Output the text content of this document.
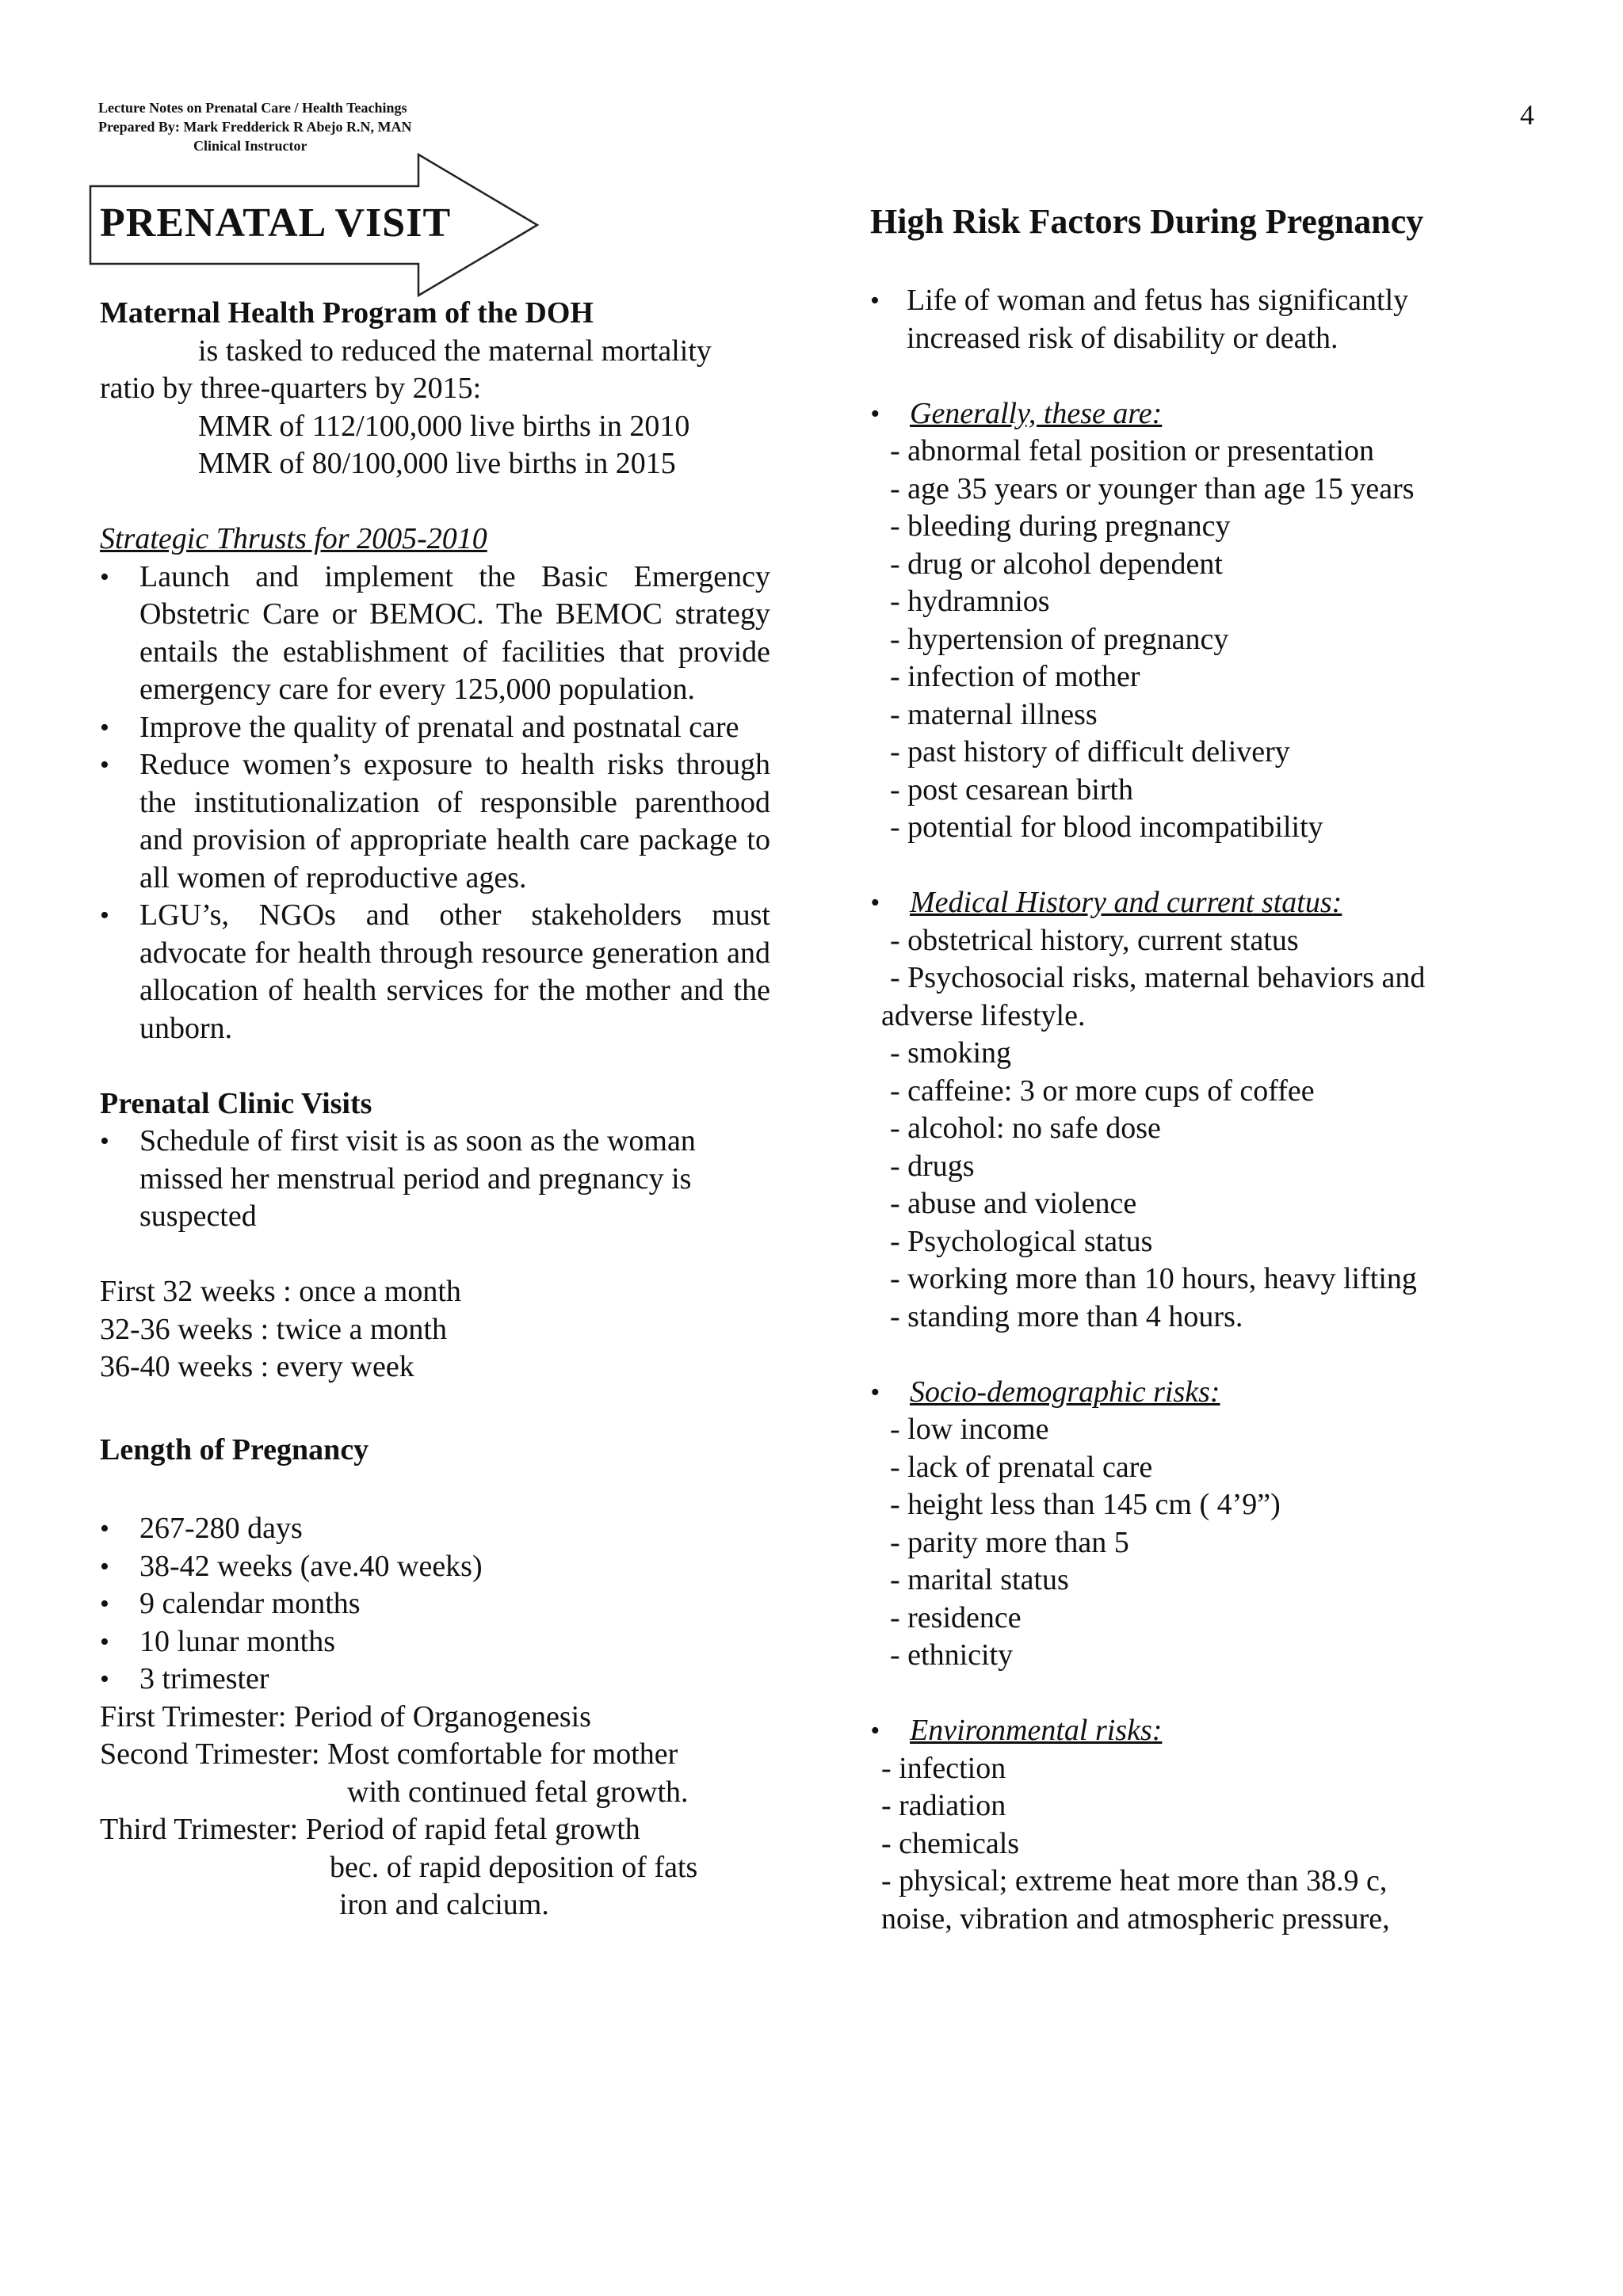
Lecture Notes on Prenatal Care / Health Teachings
Prepared By: Mark Fredderick R Abejo R.N, MAN
Clinical Instructor
4
PRENATAL VISIT
Maternal Health Program of the DOH
is tasked to reduced the maternal mortality
ratio by three-quarters by 2015:
MMR of 112/100,000 live births in 2010
MMR of 80/100,000 live births in 2015
Strategic Thrusts for 2005-2010
• Launch and implement the Basic Emergency Obstetric Care or BEMOC. The BEMOC strategy entails the establishment of facilities that provide emergency care for every 125,000 population.
• Improve the quality of prenatal and postnatal care
• Reduce women’s exposure to health risks through the institutionalization of responsible parenthood and provision of appropriate health care package to all women of reproductive ages.
• LGU’s, NGOs and other stakeholders must advocate for health through resource generation and allocation of health services for the mother and the unborn.
Prenatal Clinic Visits
• Schedule of first visit is as soon as the woman missed her menstrual period and pregnancy is suspected
First 32 weeks : once a month
32-36 weeks : twice a month
36-40 weeks : every week
Length of Pregnancy
• 267-280 days
• 38-42 weeks (ave.40 weeks)
• 9 calendar months
• 10 lunar months
• 3 trimester
First Trimester: Period of Organogenesis
Second Trimester: Most comfortable for mother
with continued fetal growth.
Third Trimester: Period of rapid fetal growth
bec. of rapid deposition of fats
iron and calcium.
High Risk Factors During Pregnancy
• Life of woman and fetus has significantly increased risk of disability or death.
• Generally, these are:
- abnormal fetal position or presentation
- age 35 years or younger than age 15 years
- bleeding during pregnancy
- drug or alcohol dependent
- hydramnios
- hypertension of pregnancy
- infection of mother
- maternal illness
- past history of difficult delivery
- post cesarean birth
- potential for blood incompatibility
• Medical History and current status:
- obstetrical history, current status
- Psychosocial risks, maternal behaviors and
adverse lifestyle.
- smoking
- caffeine: 3 or more cups of coffee
- alcohol: no safe dose
- drugs
- abuse and violence
- Psychological status
- working more than 10 hours, heavy lifting
- standing more than 4 hours.
• Socio-demographic risks:
- low income
- lack of prenatal care
- height less than 145 cm ( 4’9”)
- parity more than 5
- marital status
- residence
- ethnicity
• Environmental risks:
- infection
- radiation
- chemicals
- physical; extreme heat more than 38.9 c,
noise, vibration and atmospheric pressure,
